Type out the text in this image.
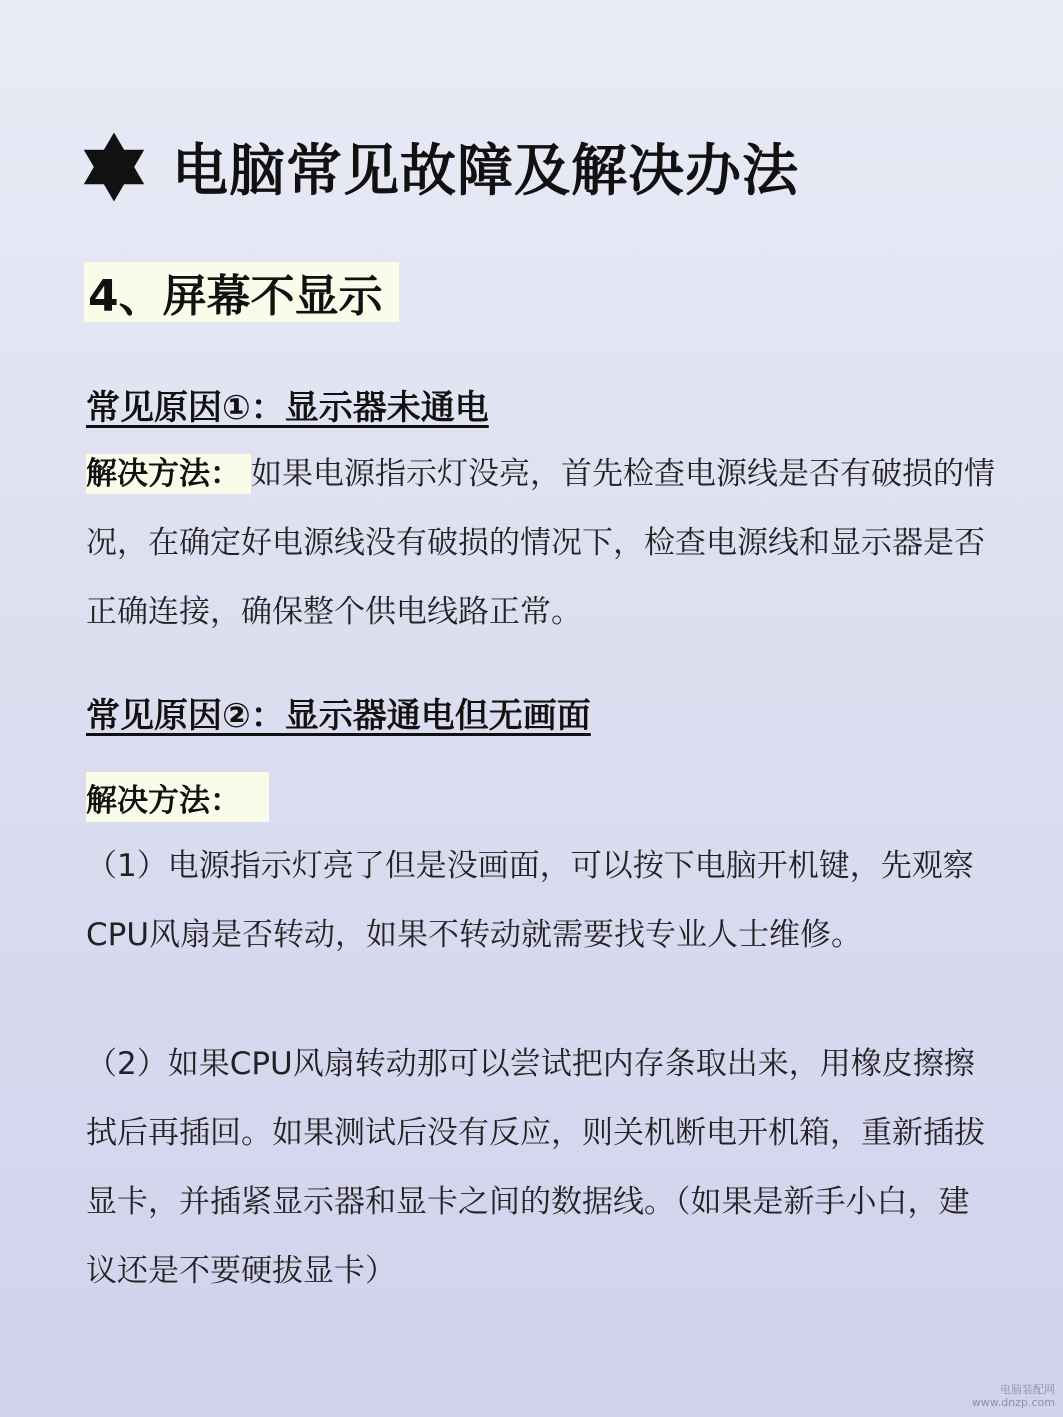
电脑常见故障及解决办法
4、屏幕不显示
常见原因①：显示器未通电
解决方法： 如果电源指示灯没亮，首先检查电源线是否有破损的情况，在确定好电源线没有破损的情况下，检查电源线和显示器是否正确连接，确保整个供电线路正常。
常见原因②：显示器通电但无画面
解决方法：
（1）电源指示灯亮了但是没画面，可以按下电脑开机键，先观察CPU风扇是否转动，如果不转动就需要找专业人士维修。
（2）如果CPU风扇转动那可以尝试把内存条取出来，用橡皮擦擦拭后再插回。如果测试后没有反应，则关机断电开机箱，重新插拔显卡，并插紧显示器和显卡之间的数据线。（如果是新手小白，建议还是不要硬拔显卡）
电脑装配网
www.dnzp.com
